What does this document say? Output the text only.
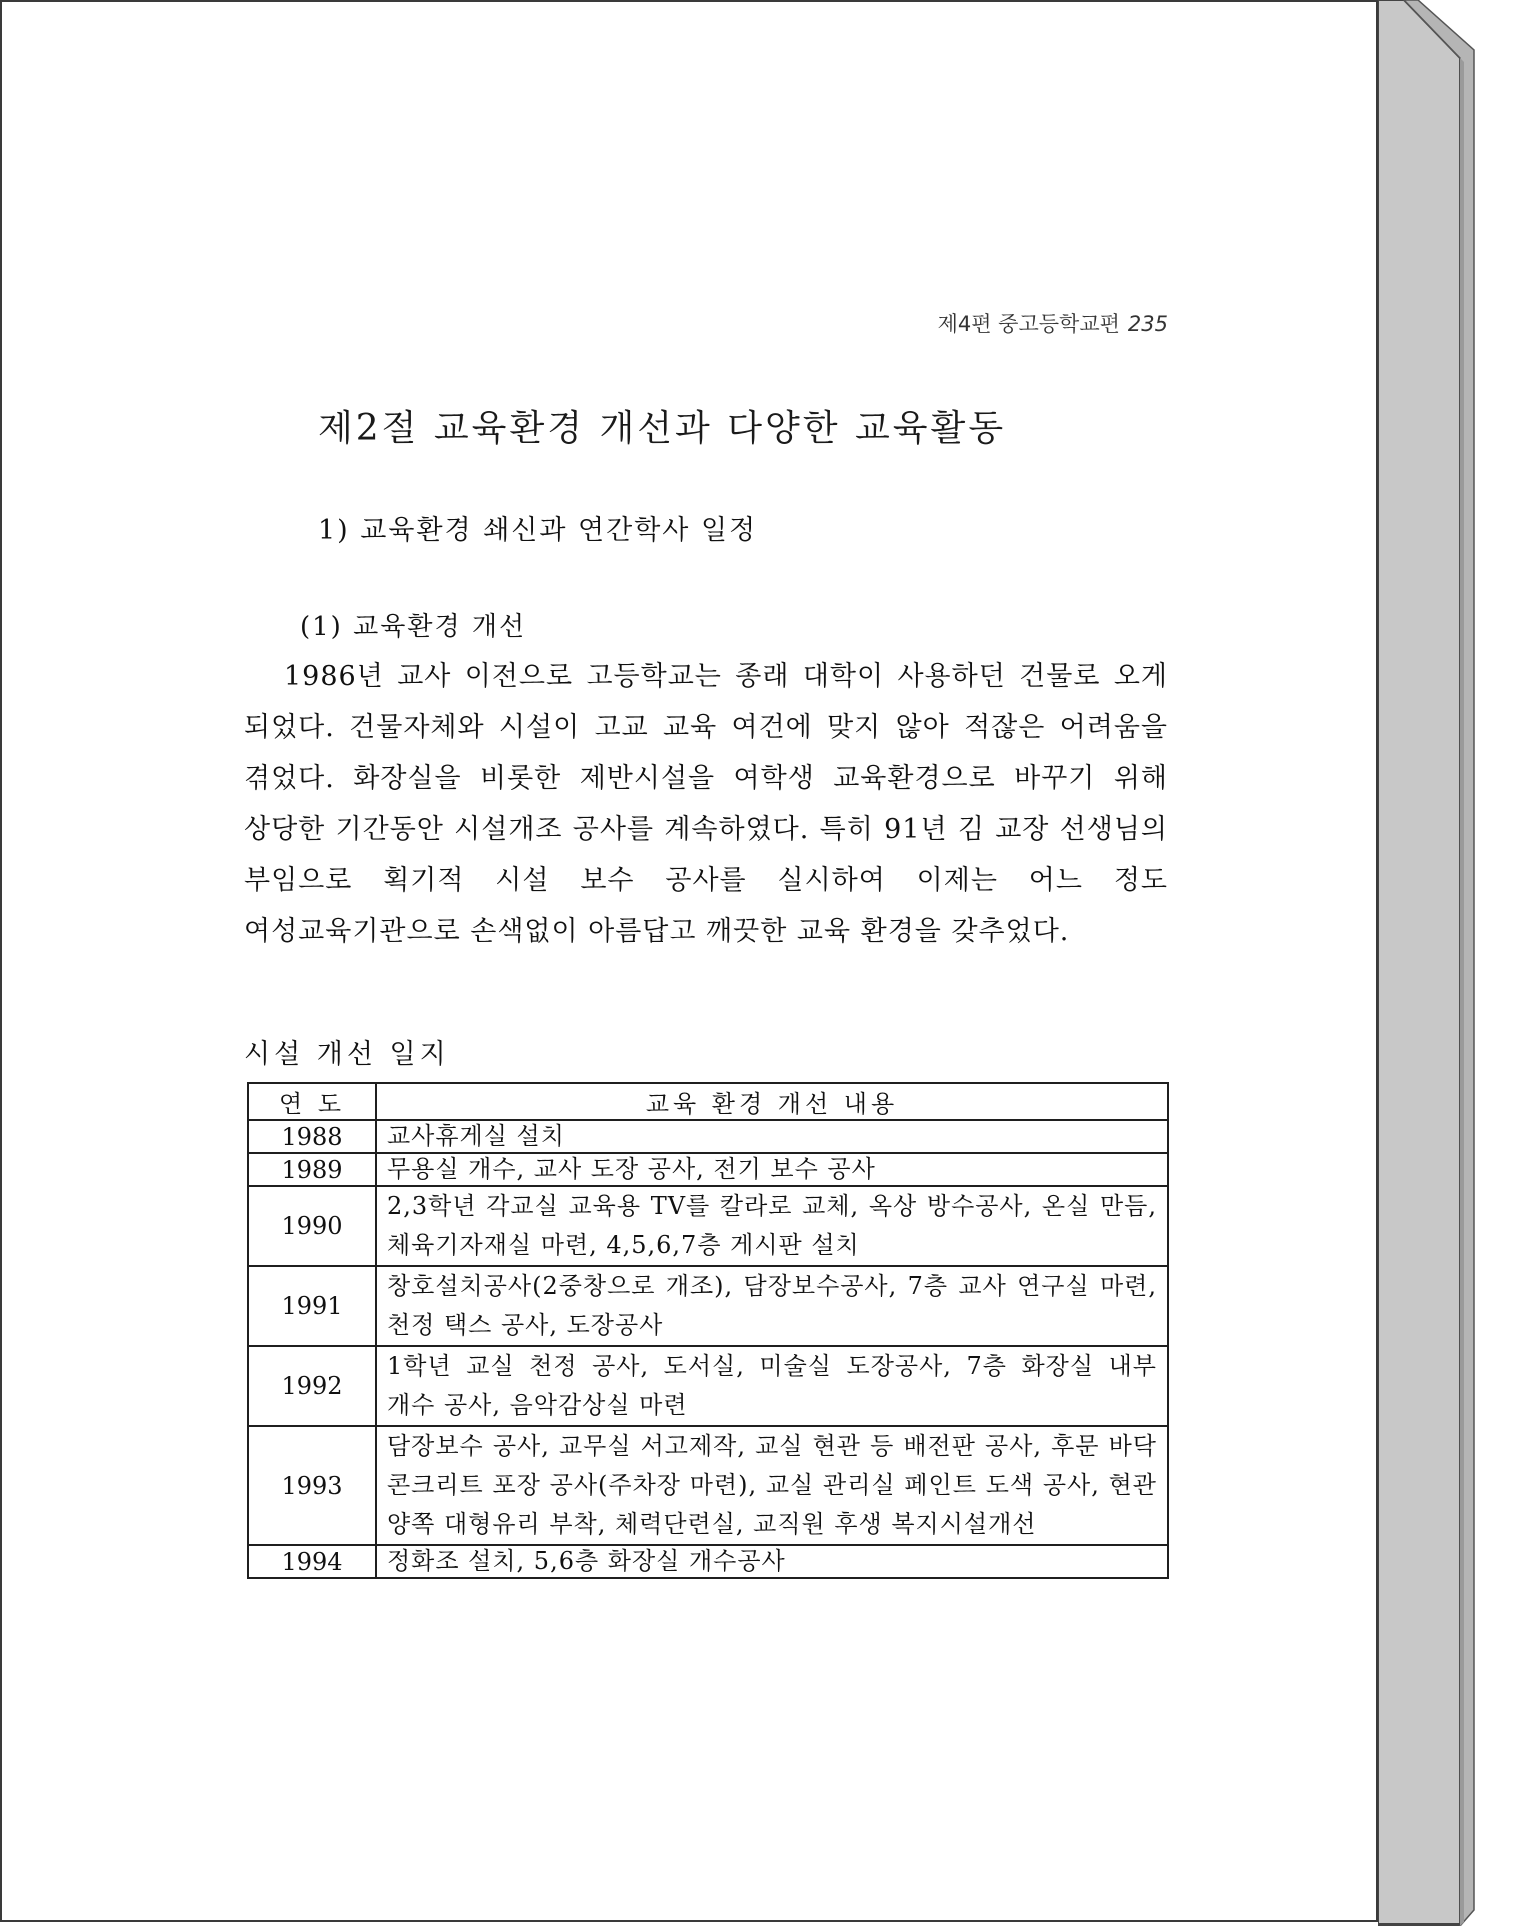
제4편 중고등학교편 235
제2절 교육환경 개선과 다양한 교육활동
1) 교육환경 쇄신과 연간학사 일정
(1) 교육환경 개선

1986년 교사 이전으로 고등학교는 종래 대학이 사용하던 건물로 오게 되었다. 건물자체와 시설이 고교 교육 여건에 맞지 않아 적잖은 어려움을 겪었다. 화장실을 비롯한 제반시설을 여학생 교육환경으로 바꾸기 위해 상당한 기간동안 시설개조 공사를 계속하였다. 특히 91년 김 교장 선생님의 부임으로 획기적 시설 보수 공사를 실시하여 이제는 어느 정도 여성교육기관으로 손색없이 아름답고 깨끗한 교육 환경을 갖추었다.

시설 개선 일지
연 도	교육 환경 개선 내용
1988	교사휴게실 설치
1989	무용실 개수, 교사 도장 공사, 전기 보수 공사
1990	2,3학년 각교실 교육용 TV를 칼라로 교체, 옥상 방수공사, 온실 만듬, 체육기자재실 마련, 4,5,6,7층 게시판 설치
1991	창호설치공사(2중창으로 개조), 담장보수공사, 7층 교사 연구실 마련, 천정 택스 공사, 도장공사
1992	1학년 교실 천정 공사, 도서실, 미술실 도장공사, 7층 화장실 내부 개수 공사, 음악감상실 마련
1993	담장보수 공사, 교무실 서고제작, 교실 현관 등 배전판 공사, 후문 바닥 콘크리트 포장 공사(주차장 마련), 교실 관리실 페인트 도색 공사, 현관 양쪽 대형유리 부착, 체력단련실, 교직원 후생 복지시설개선
1994	정화조 설치, 5,6층 화장실 개수공사
